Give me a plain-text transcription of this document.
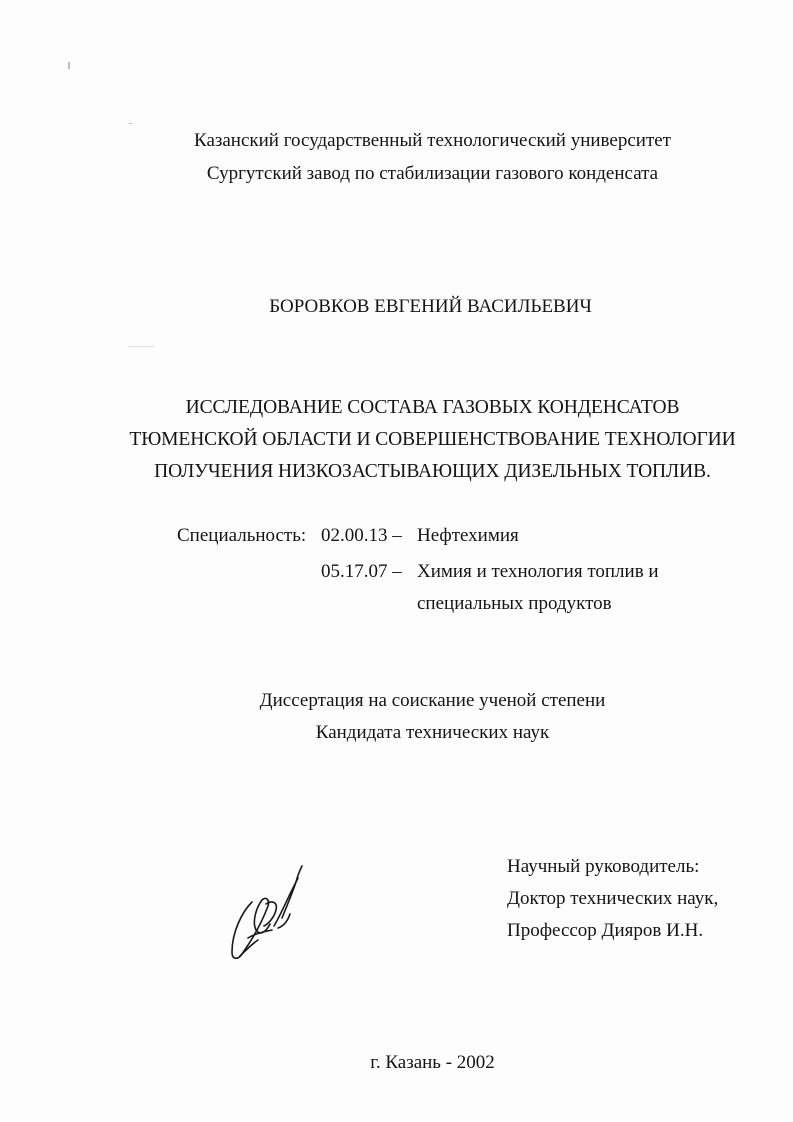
Казанский государственный технологический университет
Сургутский завод по стабилизации газового конденсата
БОРОВКОВ ЕВГЕНИЙ ВАСИЛЬЕВИЧ
ИССЛЕДОВАНИЕ СОСТАВА ГАЗОВЫХ КОНДЕНСАТОВ
ТЮМЕНСКОЙ ОБЛАСТИ И СОВЕРШЕНСТВОВАНИЕ ТЕХНОЛОГИИ
ПОЛУЧЕНИЯ НИЗКОЗАСТЫВАЮЩИХ ДИЗЕЛЬНЫХ ТОПЛИВ.
Специальность: 02.00.13 – Нефтехимия
05.17.07 – Химия и технология топлив и
специальных продуктов
Диссертация на соискание ученой степени
Кандидата технических наук
Научный руководитель:
Доктор технических наук,
Профессор Дияров И.Н.
г. Казань - 2002
